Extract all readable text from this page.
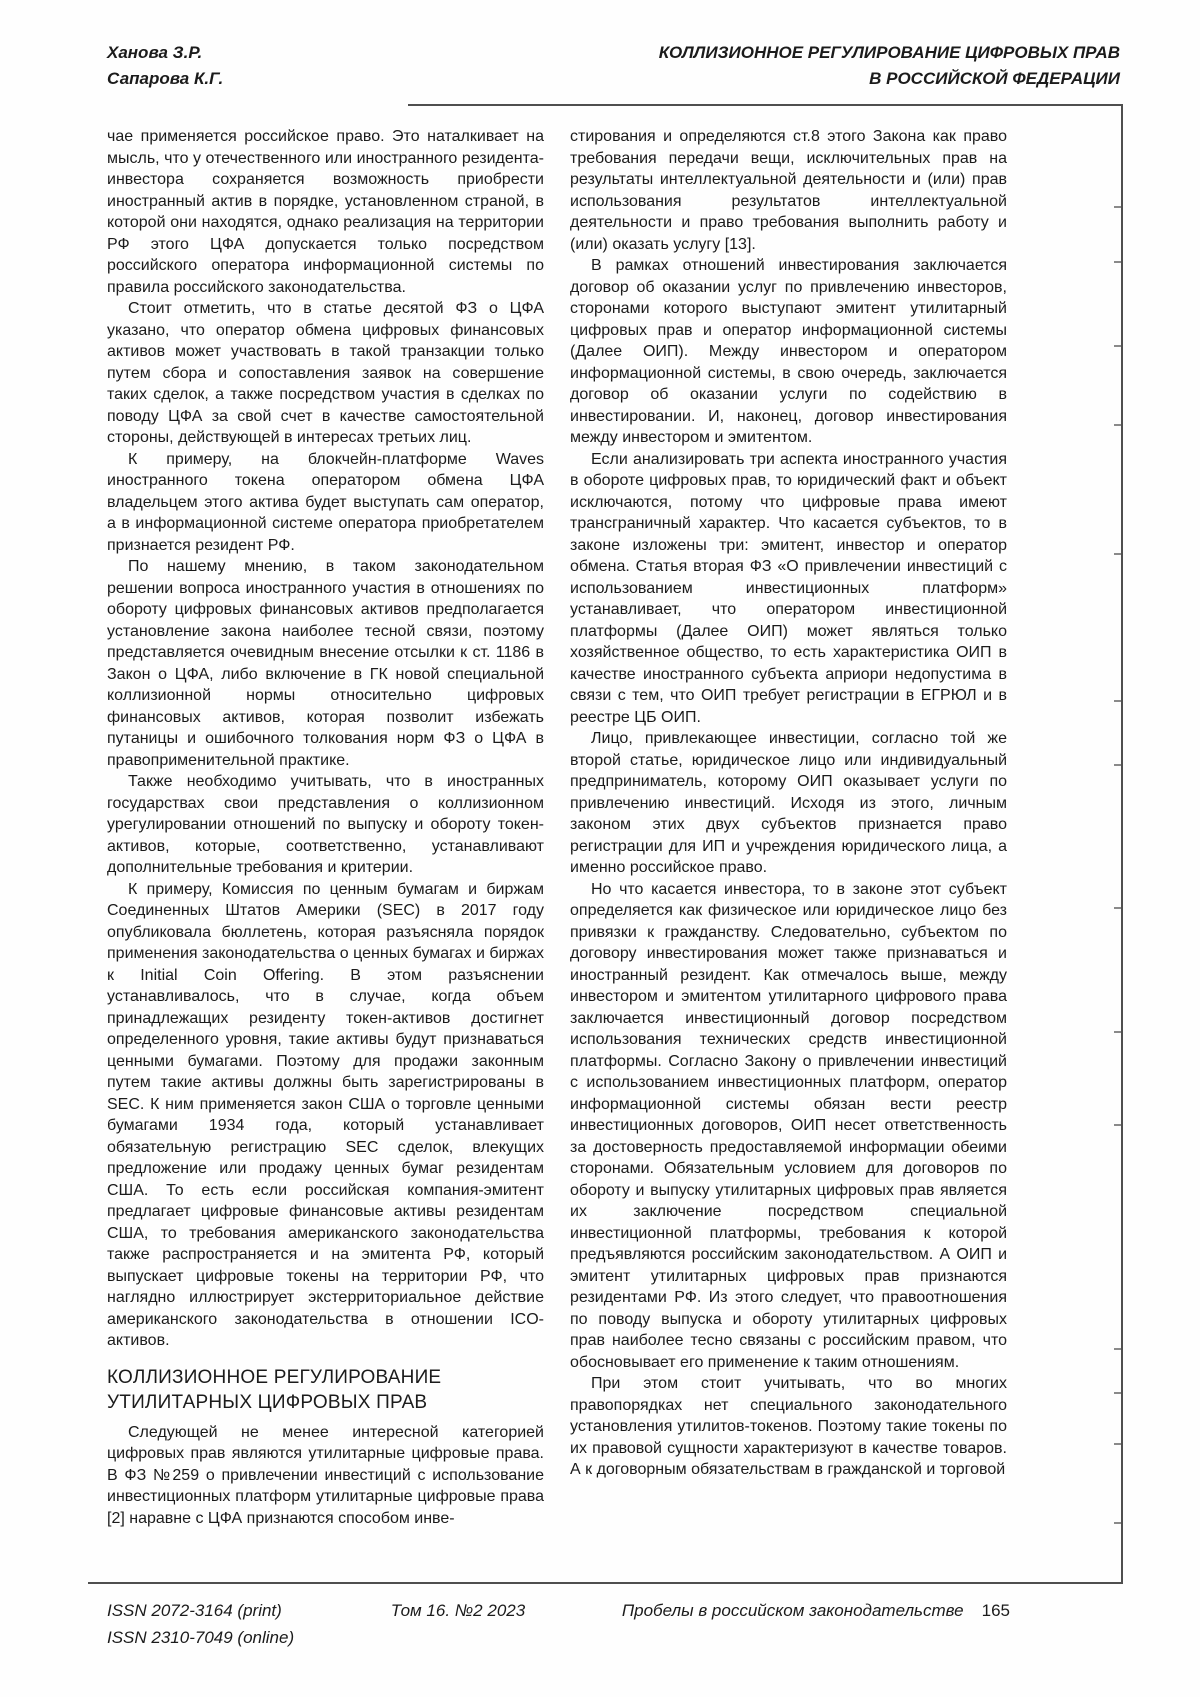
Ханова З.Р.
Сапарова К.Г.
КОЛЛИЗИОННОЕ РЕГУЛИРОВАНИЕ ЦИФРОВЫХ ПРАВ
В РОССИЙСКОЙ ФЕДЕРАЦИИ

чае применяется российское право. Это наталкивает на мысль, что у отечественного или иностранного резидента-инвестора сохраняется возможность приобрести иностранный актив в порядке, установленном страной, в которой они находятся, однако реализация на территории РФ этого ЦФА допускается только посредством российского оператора информационной системы по правила российского законодательства.

Стоит отметить, что в статье десятой ФЗ о ЦФА указано, что оператор обмена цифровых финансовых активов может участвовать в такой транзакции только путем сбора и сопоставления заявок на совершение таких сделок, а также посредством участия в сделках по поводу ЦФА за свой счет в качестве самостоятельной стороны, действующей в интересах третьих лиц.

К примеру, на блокчейн-платформе Waves иностранного токена оператором обмена ЦФА владельцем этого актива будет выступать сам оператор, а в информационной системе оператора приобретателем признается резидент РФ.

По нашему мнению, в таком законодательном решении вопроса иностранного участия в отношениях по обороту цифровых финансовых активов предполагается установление закона наиболее тесной связи, поэтому представляется очевидным внесение отсылки к ст. 1186 в Закон о ЦФА, либо включение в ГК новой специальной коллизионной нормы относительно цифровых финансовых активов, которая позволит избежать путаницы и ошибочного толкования норм ФЗ о ЦФА в правоприменительной практике.

Также необходимо учитывать, что в иностранных государствах свои представления о коллизионном урегулировании отношений по выпуску и обороту токен-активов, которые, соответственно, устанавливают дополнительные требования и критерии.

К примеру, Комиссия по ценным бумагам и биржам Соединенных Штатов Америки (SEC) в 2017 году опубликовала бюллетень, которая разъясняла порядок применения законодательства о ценных бумагах и биржах к Initial Coin Offering. В этом разъяснении устанавливалось, что в случае, когда объем принадлежащих резиденту токен-активов достигнет определенного уровня, такие активы будут признаваться ценными бумагами. Поэтому для продажи законным путем такие активы должны быть зарегистрированы в SEC. К ним применяется закон США о торговле ценными бумагами 1934 года, который устанавливает обязательную регистрацию SEC сделок, влекущих предложение или продажу ценных бумаг резидентам США. То есть если российская компания-эмитент предлагает цифровые финансовые активы резидентам США, то требования американского законодательства также распространяется и на эмитента РФ, который выпускает цифровые токены на территории РФ, что наглядно иллюстрирует экстерриториальное действие американского законодательства в отношении ICO-активов.

КОЛЛИЗИОННОЕ РЕГУЛИРОВАНИЕ УТИЛИТАРНЫХ ЦИФРОВЫХ ПРАВ

Следующей не менее интересной категорией цифровых прав являются утилитарные цифровые права. В ФЗ №259 о привлечении инвестиций с использование инвестиционных платформ утилитарные цифровые права [2] наравне с ЦФА признаются способом инве-

стирования и определяются ст.8 этого Закона как право требования передачи вещи, исключительных прав на результаты интеллектуальной деятельности и (или) прав использования результатов интеллектуальной деятельности и право требования выполнить работу и (или) оказать услугу [13].

В рамках отношений инвестирования заключается договор об оказании услуг по привлечению инвесторов, сторонами которого выступают эмитент утилитарный цифровых прав и оператор информационной системы (Далее ОИП). Между инвестором и оператором информационной системы, в свою очередь, заключается договор об оказании услуги по содействию в инвестировании. И, наконец, договор инвестирования между инвестором и эмитентом.

Если анализировать три аспекта иностранного участия в обороте цифровых прав, то юридический факт и объект исключаются, потому что цифровые права имеют трансграничный характер. Что касается субъектов, то в законе изложены три: эмитент, инвестор и оператор обмена. Статья вторая ФЗ «О привлечении инвестиций с использованием инвестиционных платформ» устанавливает, что оператором инвестиционной платформы (Далее ОИП) может являться только хозяйственное общество, то есть характеристика ОИП в качестве иностранного субъекта априори недопустима в связи с тем, что ОИП требует регистрации в ЕГРЮЛ и в реестре ЦБ ОИП.

Лицо, привлекающее инвестиции, согласно той же второй статье, юридическое лицо или индивидуальный предприниматель, которому ОИП оказывает услуги по привлечению инвестиций. Исходя из этого, личным законом этих двух субъектов признается право регистрации для ИП и учреждения юридического лица, а именно российское право.

Но что касается инвестора, то в законе этот субъект определяется как физическое или юридическое лицо без привязки к гражданству. Следовательно, субъектом по договору инвестирования может также признаваться и иностранный резидент. Как отмечалось выше, между инвестором и эмитентом утилитарного цифрового права заключается инвестиционный договор посредством использования технических средств инвестиционной платформы. Согласно Закону о привлечении инвестиций с использованием инвестиционных платформ, оператор информационной системы обязан вести реестр инвестиционных договоров, ОИП несет ответственность за достоверность предоставляемой информации обеими сторонами. Обязательным условием для договоров по обороту и выпуску утилитарных цифровых прав является их заключение посредством специальной инвестиционной платформы, требования к которой предъявляются российским законодательством. А ОИП и эмитент утилитарных цифровых прав признаются резидентами РФ. Из этого следует, что правоотношения по поводу выпуска и обороту утилитарных цифровых прав наиболее тесно связаны с российским правом, что обосновывает его применение к таким отношениям.

При этом стоит учитывать, что во многих правопорядках нет специального законодательного установления утилитов-токенов. Поэтому такие токены по их правовой сущности характеризуют в качестве товаров. А к договорным обязательствам в гражданской и торговой

ISSN 2072-3164 (print)
ISSN 2310-7049 (online)
Том 16. №2 2023	Пробелы в российском законодательстве 165
